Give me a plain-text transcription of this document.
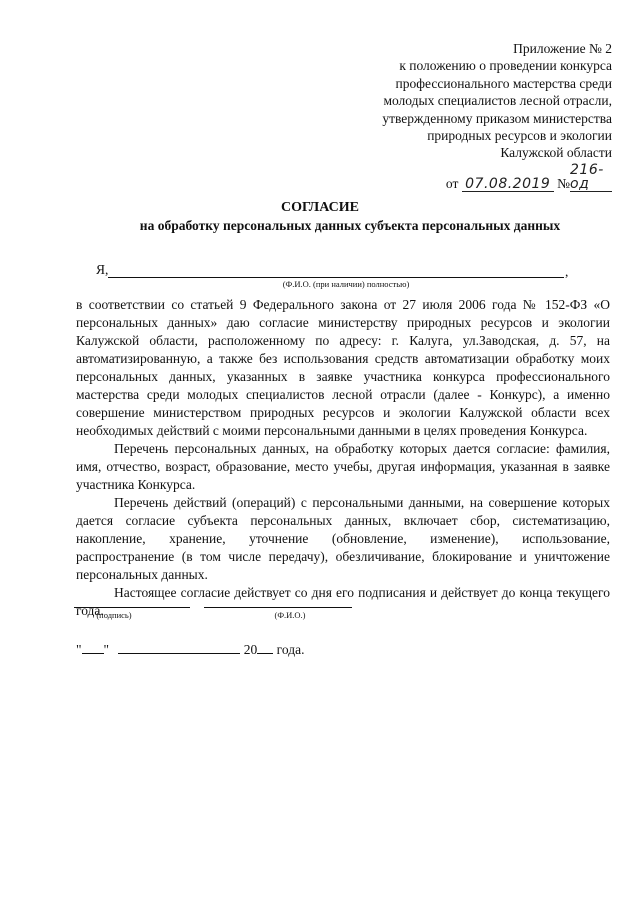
Приложение № 2
к положению о проведении конкурса
профессионального мастерства среди
молодых специалистов лесной отрасли,
утвержденному приказом министерства
природных ресурсов и экологии
Калужской области
от 07.08.2019 №216-од
СОГЛАСИЕ
на обработку персональных данных субъекта персональных данных
Я,	,
(Ф.И.О. (при наличии) полностью)

в соответствии со статьей 9 Федерального закона от 27 июля 2006 года № 152-ФЗ «О персональных данных» даю согласие министерству природных ресурсов и экологии Калужской области, расположенному по адресу: г. Калуга, ул.Заводская, д. 57, на автоматизированную, а также без использования средств автоматизации обработку моих персональных данных, указанных в заявке участника конкурса профессионального мастерства среди молодых специалистов лесной отрасли (далее - Конкурс), а именно совершение министерством природных ресурсов и экологии Калужской области всех необходимых действий с моими персональными данными в целях проведения Конкурса.

Перечень персональных данных, на обработку которых дается согласие: фамилия, имя, отчество, возраст, образование, место учебы, другая информация, указанная в заявке участника Конкурса.

Перечень действий (операций) с персональными данными, на совершение которых дается согласие субъекта персональных данных, включает сбор, систематизацию, накопление, хранение, уточнение (обновление, изменение), использование, распространение (в том числе передачу), обезличивание, блокирование и уничтожение персональных данных.

Настоящее согласие действует со дня его подписания и действует до конца текущего года.

(подпись)	(Ф.И.О.)
" "	20 года.
